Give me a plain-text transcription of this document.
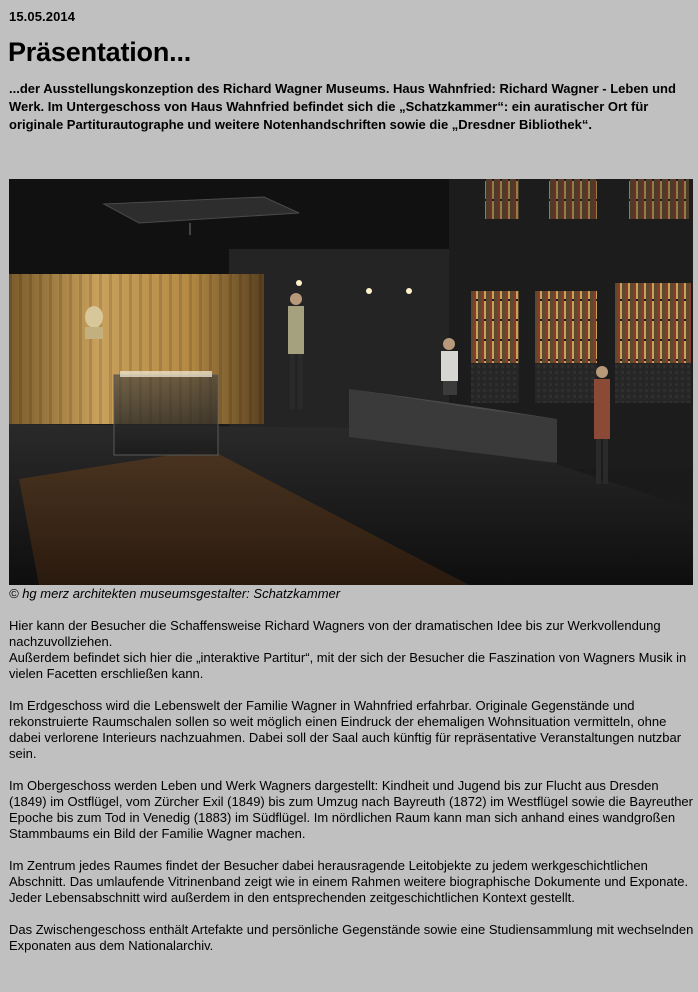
15.05.2014
Präsentation...

...der Ausstellungskonzeption des Richard Wagner Museums. Haus Wahnfried: Richard Wagner - Leben und Werk. Im Untergeschoss von Haus Wahnfried befindet sich die „Schatzkammer“: ein auratischer Ort für originale Partiturautographe und weitere Notenhandschriften sowie die „Dresdner Bibliothek“.

© hg merz architekten museumsgestalter: Schatzkammer

Hier kann der Besucher die Schaffensweise Richard Wagners von der dramatischen Idee bis zur Werkvollendung nachzuvollziehen.
Außerdem befindet sich hier die „interaktive Partitur“, mit der sich der Besucher die Faszination von Wagners Musik in vielen Facetten erschließen kann.

Im Erdgeschoss wird die Lebenswelt der Familie Wagner in Wahnfried erfahrbar. Originale Gegenstände und rekonstruierte Raumschalen sollen so weit möglich einen Eindruck der ehemaligen Wohnsituation vermitteln, ohne dabei verlorene Interieurs nachzuahmen. Dabei soll der Saal auch künftig für repräsentative Veranstaltungen nutzbar sein.

Im Obergeschoss werden Leben und Werk Wagners dargestellt: Kindheit und Jugend bis zur Flucht aus Dresden (1849) im Ostflügel, vom Zürcher Exil (1849) bis zum Umzug nach Bayreuth (1872) im Westflügel sowie die Bayreuther Epoche bis zum Tod in Venedig (1883) im Südflügel. Im nördlichen Raum kann man sich anhand eines wandgroßen Stammbaums ein Bild der Familie Wagner machen.

Im Zentrum jedes Raumes findet der Besucher dabei herausragende Leitobjekte zu jedem werkgeschichtlichen Abschnitt. Das umlaufende Vitrinenband zeigt wie in einem Rahmen weitere biographische Dokumente und Exponate. Jeder Lebensabschnitt wird außerdem in den entsprechenden zeitgeschichtlichen Kontext gestellt.

Das Zwischengeschoss enthält Artefakte und persönliche Gegenstände sowie eine Studiensammlung mit wechselnden Exponaten aus dem Nationalarchiv.
